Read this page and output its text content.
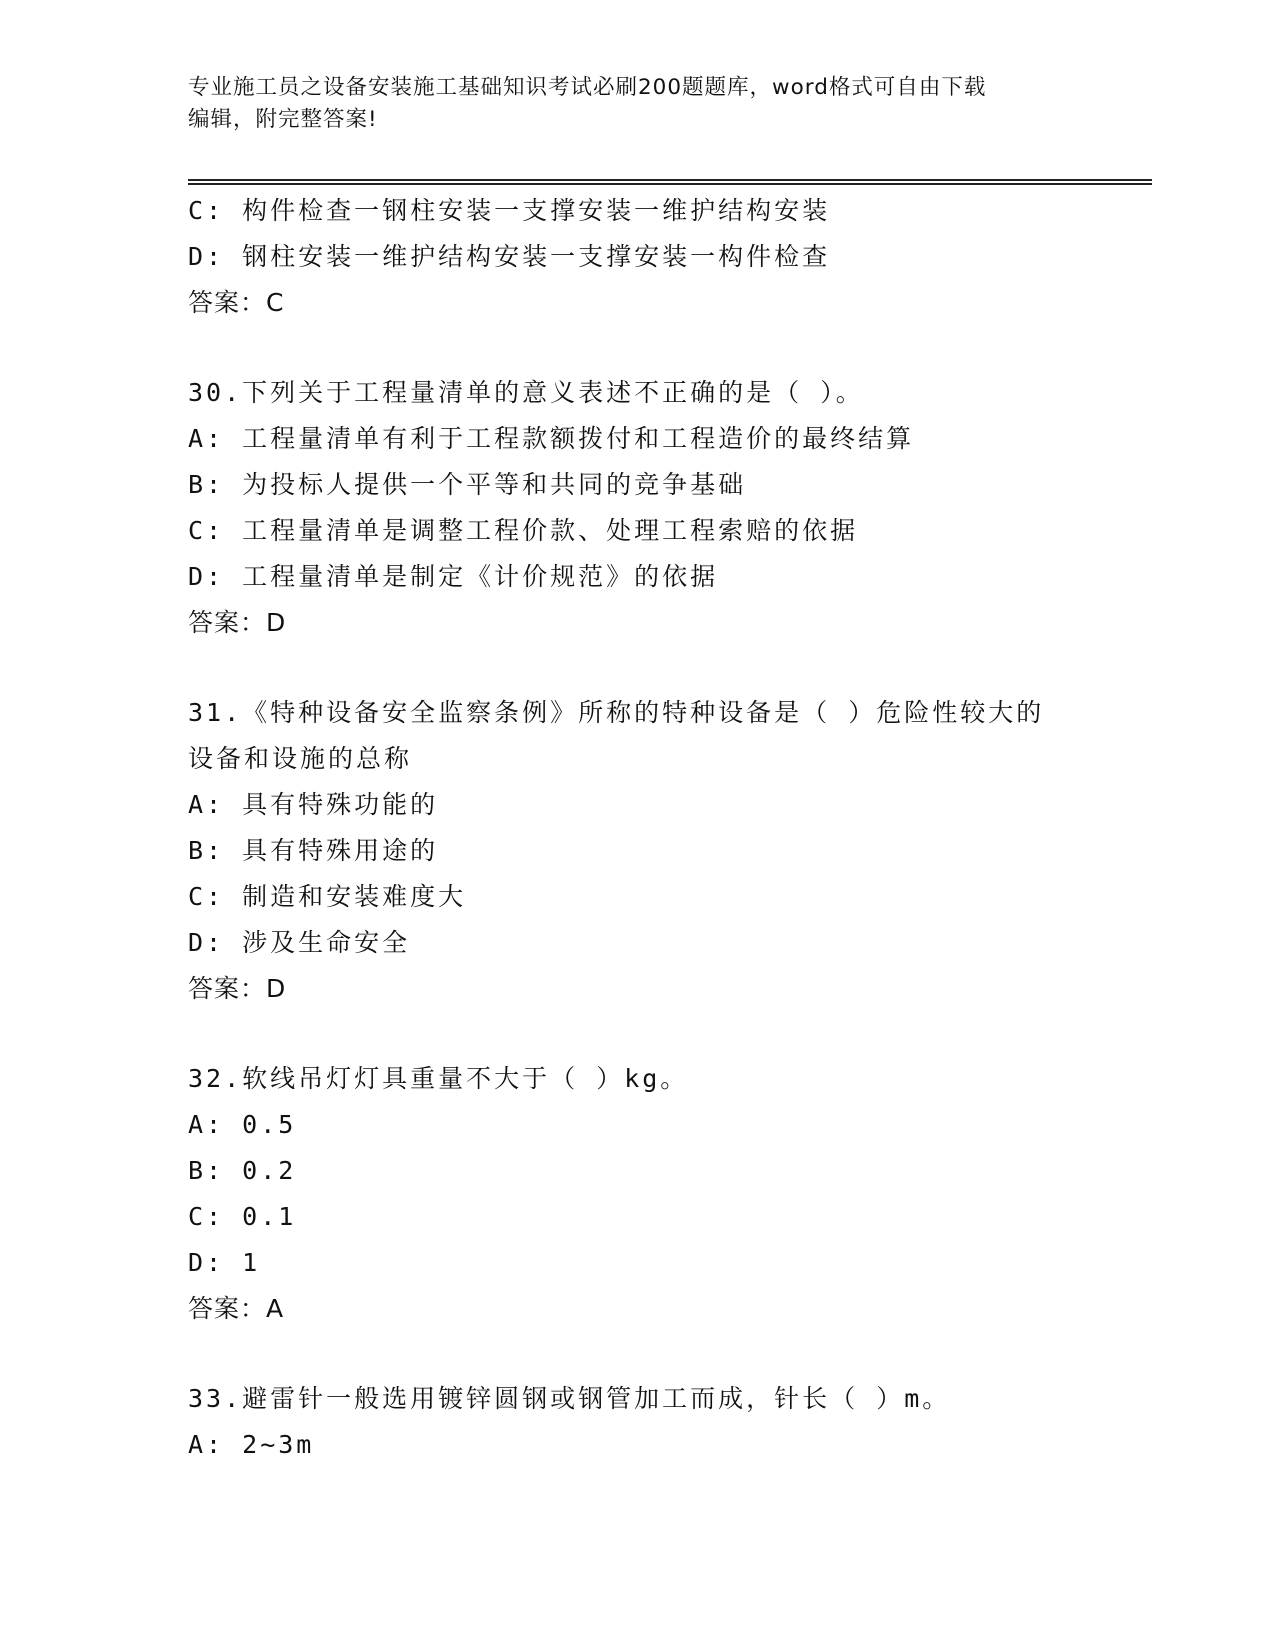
专业施工员之设备安装施工基础知识考试必刷200题题库，word格式可自由下载
编辑，附完整答案!
C: 构件检查一钢柱安装一支撑安装一维护结构安装
D: 钢柱安装一维护结构安装一支撑安装一构件检查
答案：C
30.下列关于工程量清单的意义表述不正确的是（ ）。
A: 工程量清单有利于工程款额拨付和工程造价的最终结算
B: 为投标人提供一个平等和共同的竞争基础
C: 工程量清单是调整工程价款、处理工程索赔的依据
D: 工程量清单是制定《计价规范》的依据
答案：D
31.《特种设备安全监察条例》所称的特种设备是（ ）危险性较大的
设备和设施的总称
A: 具有特殊功能的
B: 具有特殊用途的
C: 制造和安装难度大
D: 涉及生命安全
答案：D
32.软线吊灯灯具重量不大于（ ）kg。
A: 0.5
B: 0.2
C: 0.1
D: 1
答案：A
33.避雷针一般选用镀锌圆钢或钢管加工而成，针长（ ）m。
A: 2~3m
